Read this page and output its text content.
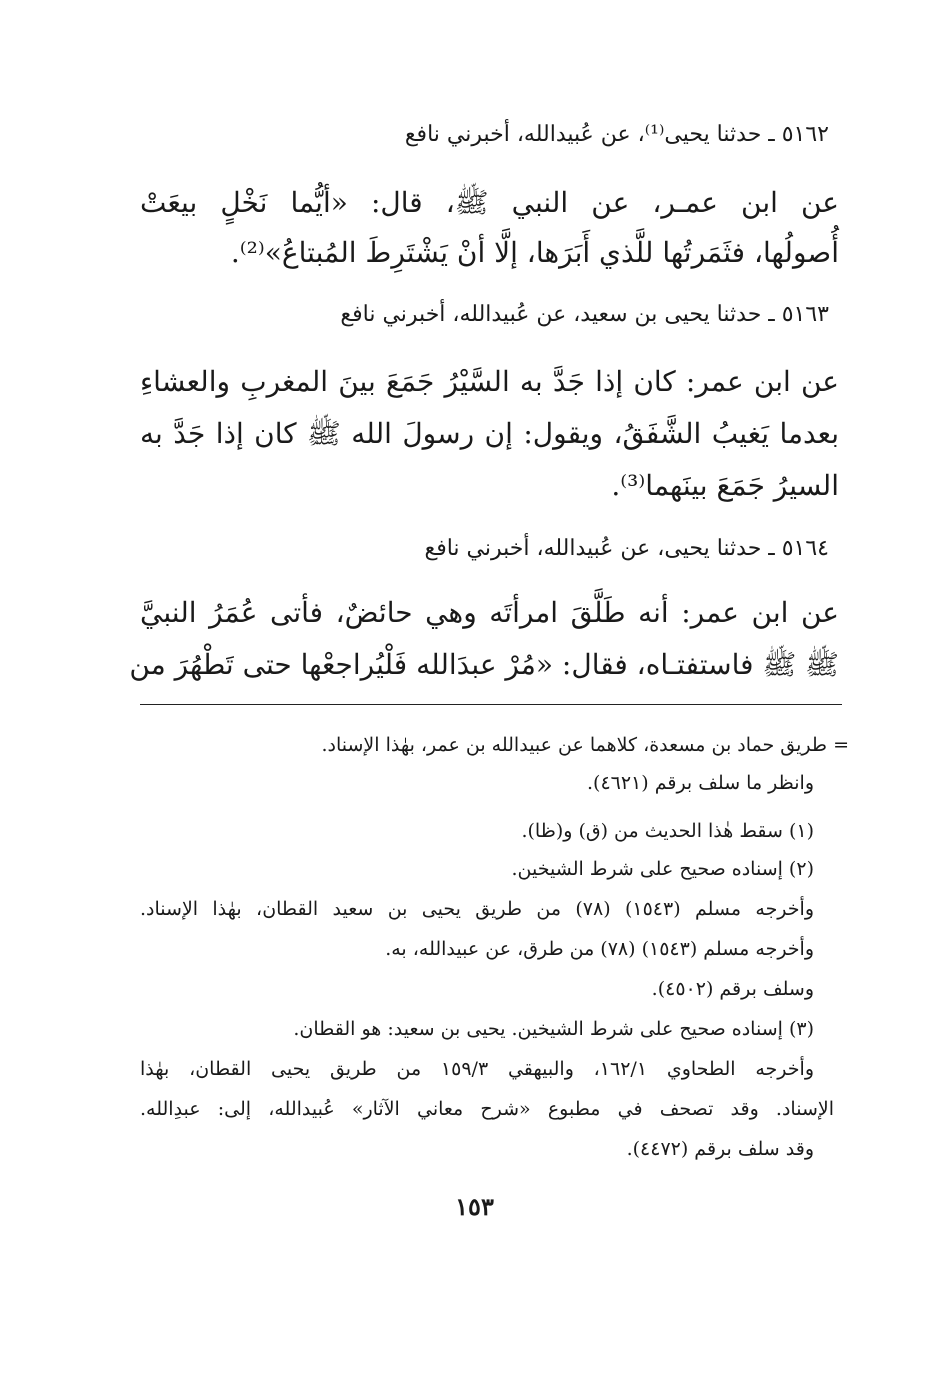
٥١٦٢ ـ حدثنا يحيى⁽¹⁾، عن عُبيدالله، أخبرني نافع

عن ابن عمـر، عن النبي ﷺ، قال: «أيُّما نَخْلٍ بيعَتْ

أُصولُها، فثَمَرتُها للَّذي أَبَرَها، إلَّا أنْ يَشْتَرِطَ المُبتاعُ»⁽²⁾.

٥١٦٣ ـ حدثنا يحيى بن سعيد، عن عُبيدالله، أخبرني نافع

عن ابن عمر: كان إذا جَدَّ به السَّيْرُ جَمَعَ بينَ المغربِ والعشاءِ

بعدما يَغيبُ الشَّفَقُ، ويقول: إن رسولَ الله ﷺ كان إذا جَدَّ به

السيرُ جَمَعَ بينَهما⁽³⁾.

٥١٦٤ ـ حدثنا يحيى، عن عُبيدالله، أخبرني نافع

عن ابن عمر: أنه طَلَّقَ امرأتَه وهي حائضٌ، فأتى عُمَرُ النبيَّ

ﷺ ﷺ فاستفتـاه، فقال: «مُرْ عبدَالله فَلْيُراجعْها حتى تَطْهُرَ من

= طريق حماد بن مسعدة، كلاهما عن عبيدالله بن عمر، بهٰذا الإسناد.

وانظر ما سلف برقم (٤٦٢١).

(١) سقط هٰذا الحديث من (ق) و(ظا).

(٢) إسناده صحيح على شرط الشيخين.

وأخرجه مسلم (١٥٤٣) (٧٨) من طريق يحيى بن سعيد القطان، بهٰذا الإسناد.

وأخرجه مسلم (١٥٤٣) (٧٨) من طرق، عن عبيدالله، به.

وسلف برقم (٤٥٠٢).

(٣) إسناده صحيح على شرط الشيخين. يحيى بن سعيد: هو القطان.

وأخرجه الطحاوي ١٦٢/١، والبيهقي ١٥٩/٣ من طريق يحيى القطان، بهٰذا

الإسناد. وقد تصحف في مطبوع «شرح معاني الآثار» عُبيدالله، إلى: عبدِالله.

وقد سلف برقم (٤٤٧٢).

١٥٣
